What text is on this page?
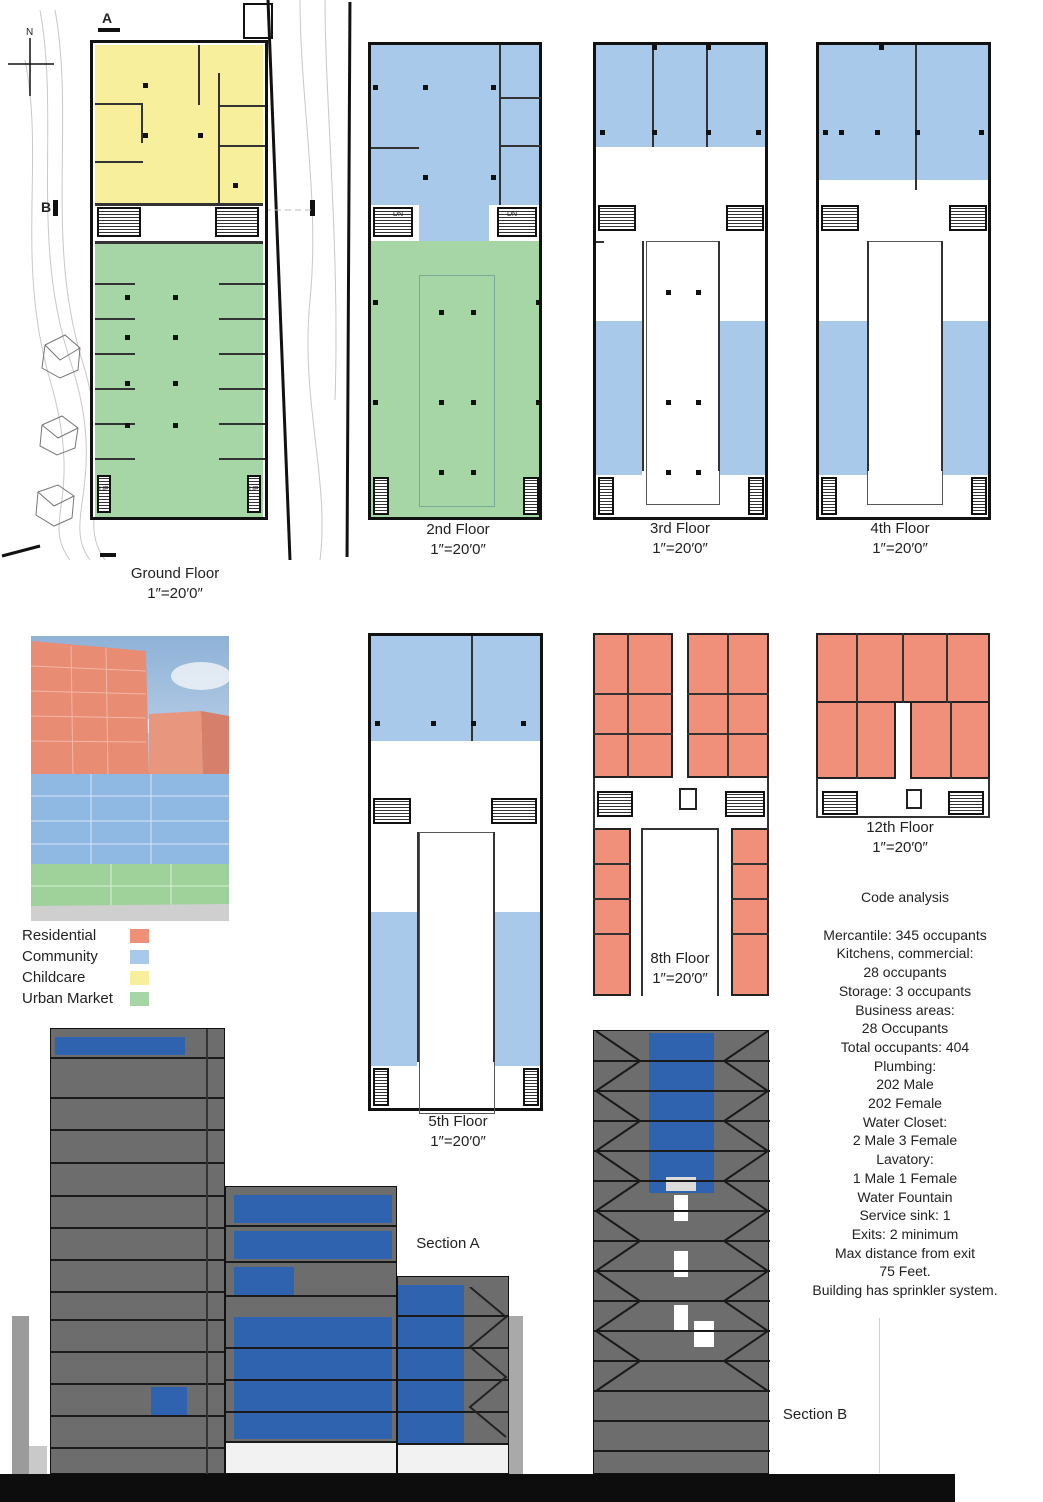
N
A
B
UP	UP
Ground Floor
1″=20′0″
DN	DN
2nd Floor
1″=20′0″
3rd Floor
1″=20′0″
4th Floor
1″=20′0″
Residential
Community
Childcare
Urban Market
5th Floor
1″=20′0″
8th Floor
1″=20′0″
12th Floor
1″=20′0″
Code analysis
Mercantile: 345 occupants
Kitchens, commercial:
28 occupants
Storage: 3 occupants
Business areas:
28 Occupants
Total occupants: 404
Plumbing:
202 Male
202 Female
Water Closet:
2 Male 3 Female
Lavatory:
1 Male 1 Female
Water Fountain
Service sink: 1
Exits: 2 minimum
Max distance from exit
75 Feet.
Building has sprinkler system.
Section A
Section B
